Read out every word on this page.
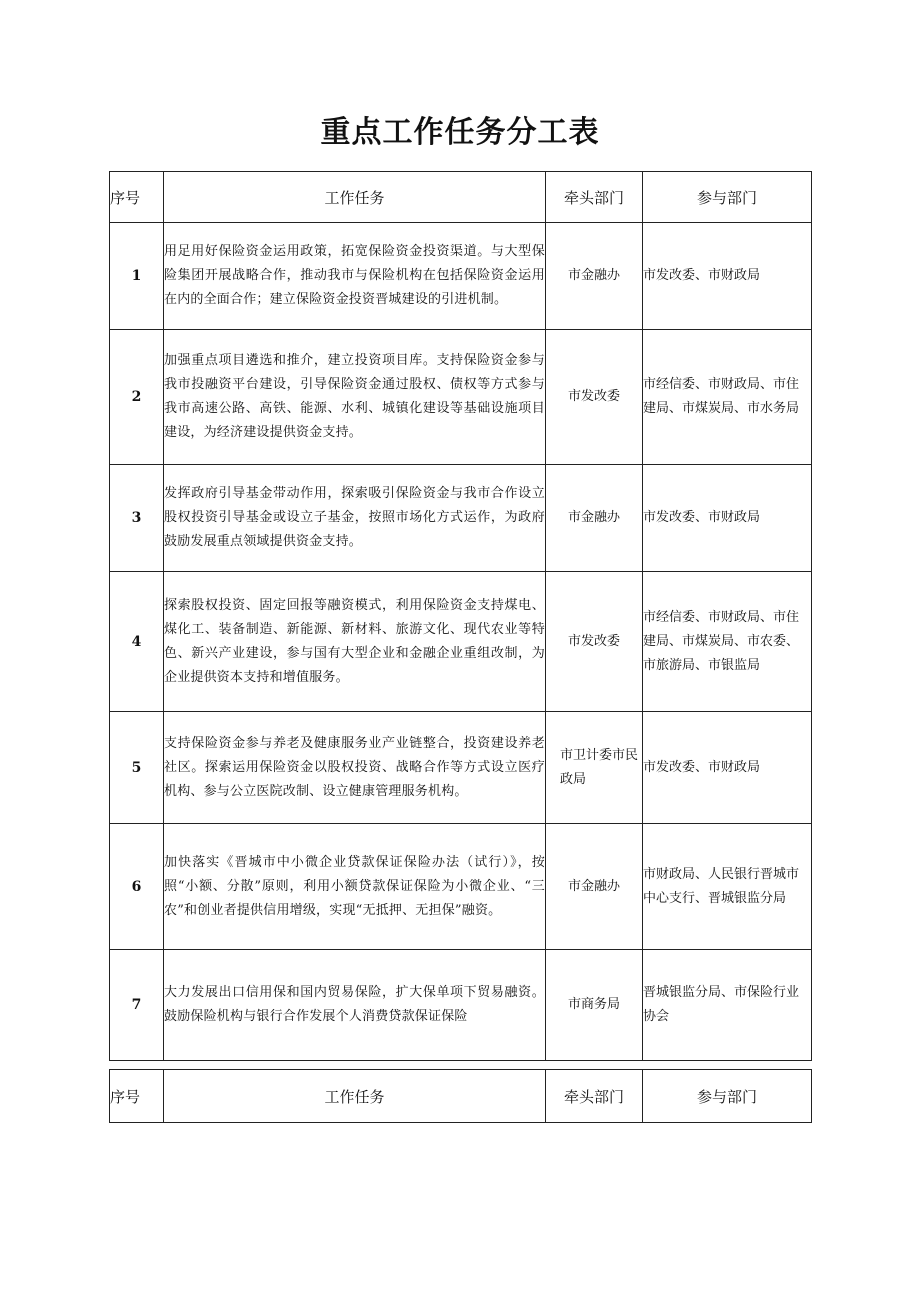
重点工作任务分工表
序号	工作任务	牵头部门	参与部门
1	用足用好保险资金运用政策，拓宽保险资金投资渠道。与大型保险集团开展战略合作，推动我市与保险机构在包括保险资金运用在内的全面合作；建立保险资金投资晋城建设的引进机制。	市金融办	市发改委、市财政局
2	加强重点项目遴选和推介，建立投资项目库。支持保险资金参与我市投融资平台建设，引导保险资金通过股权、债权等方式参与我市高速公路、高铁、能源、水利、城镇化建设等基础设施项目建设，为经济建设提供资金支持。	市发改委	市经信委、市财政局、市住建局、市煤炭局、市水务局
3	发挥政府引导基金带动作用，探索吸引保险资金与我市合作设立股权投资引导基金或设立子基金，按照市场化方式运作，为政府鼓励发展重点领域提供资金支持。	市金融办	市发改委、市财政局
4	探索股权投资、固定回报等融资模式，利用保险资金支持煤电、煤化工、装备制造、新能源、新材料、旅游文化、现代农业等特色、新兴产业建设，参与国有大型企业和金融企业重组改制，为企业提供资本支持和增值服务。	市发改委	市经信委、市财政局、市住建局、市煤炭局、市农委、市旅游局、市银监局
5	支持保险资金参与养老及健康服务业产业链整合，投资建设养老社区。探索运用保险资金以股权投资、战略合作等方式设立医疗机构、参与公立医院改制、设立健康管理服务机构。	市卫计委市民政局	市发改委、市财政局
6	加快落实《晋城市中小微企业贷款保证保险办法（试行）》，按照“小额、分散”原则，利用小额贷款保证保险为小微企业、“三农”和创业者提供信用增级，实现“无抵押、无担保”融资。	市金融办	市财政局、人民银行晋城市中心支行、晋城银监分局
7	大力发展出口信用保和国内贸易保险，扩大保单项下贸易融资。鼓励保险机构与银行合作发展个人消费贷款保证保险	市商务局	晋城银监分局、市保险行业协会
序号	工作任务	牵头部门	参与部门
